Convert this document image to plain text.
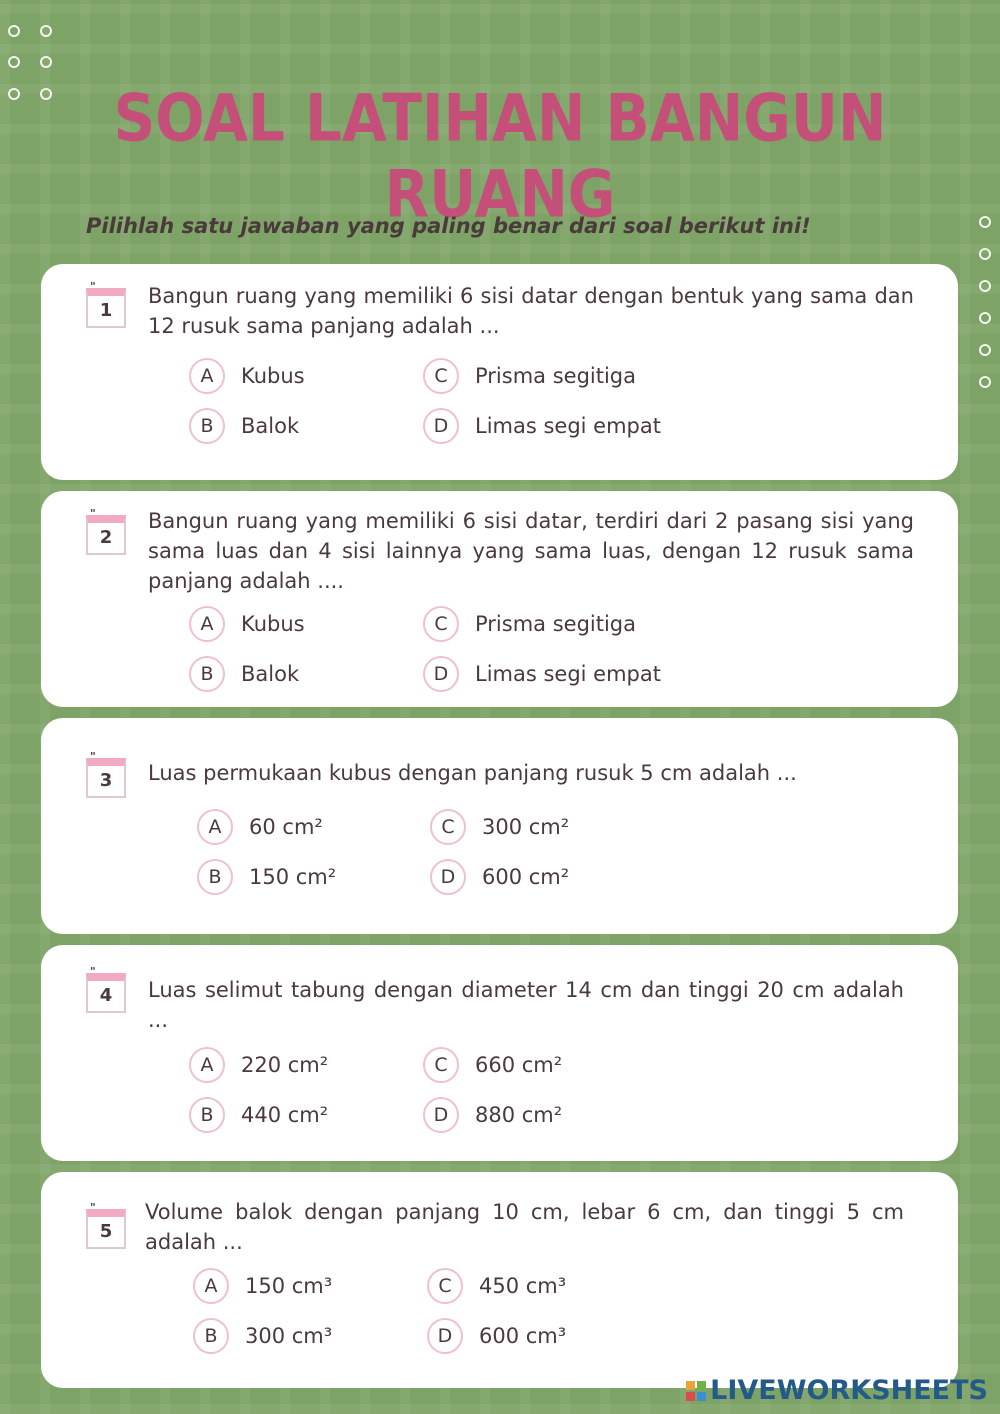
SOAL LATIHAN BANGUN RUANG
Pilihlah satu jawaban yang paling benar dari soal berikut ini!
"
1
Bangun ruang yang memiliki 6 sisi datar dengan bentuk yang sama dan 12 rusuk sama panjang adalah ...
A	Kubus
B	Balok
C	Prisma segitiga
D	Limas segi empat
"
2
Bangun ruang yang memiliki 6 sisi datar, terdiri dari 2 pasang sisi yang sama luas dan 4 sisi lainnya yang sama luas, dengan 12 rusuk sama panjang adalah ....
A	Kubus
B	Balok
C	Prisma segitiga
D	Limas segi empat
"
3	Luas permukaan kubus dengan panjang rusuk 5 cm adalah ...
A	60 cm²
B	150 cm²
C	300 cm²
D	600 cm²
"
4	Luas selimut tabung dengan diameter 14 cm dan tinggi 20 cm adalah ...
A	220 cm²
B	440 cm²
C	660 cm²
D	880 cm²
"
5
Volume balok dengan panjang 10 cm, lebar 6 cm, dan tinggi 5 cm adalah ...
A	150 cm³
B	300 cm³
C	450 cm³
D	600 cm³
LIVEWORKSHEETS
